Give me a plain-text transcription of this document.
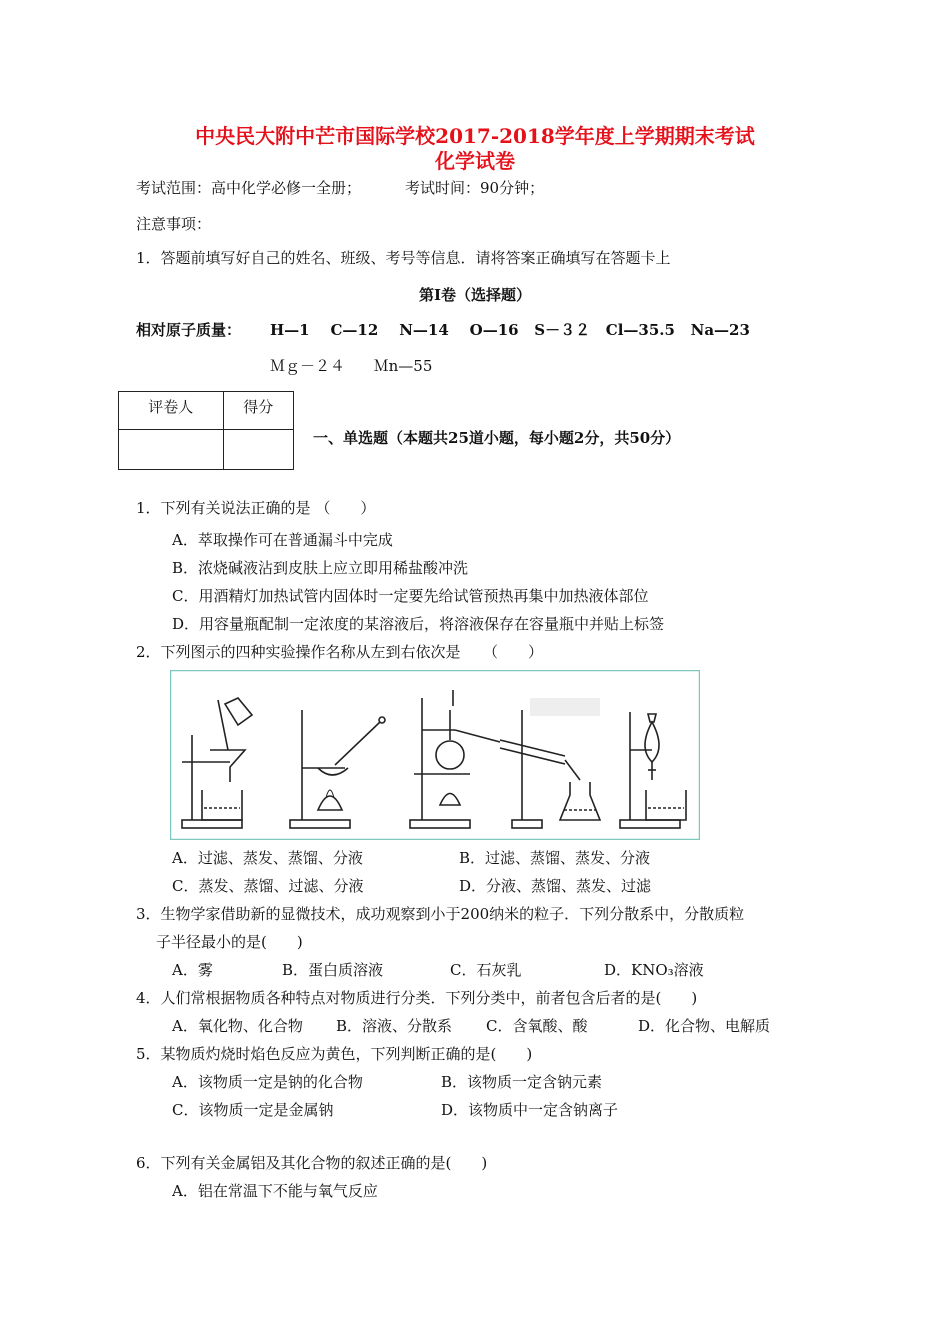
中央民大附中芒市国际学校2017-2018学年度上学期期末考试
化学试卷
考试范围：高中化学必修一全册；	考试时间：90分钟；
注意事项：
1．答题前填写好自己的姓名、班级、考号等信息．请将答案正确填写在答题卡上
第Ⅰ卷（选择题）
相对原子质量： H—1    C—12    N—14    O—16   S－３２   Cl—35.5   Na—23
Ｍｇ－２４      Ｍn—55
评卷人	得分

一、单选题（本题共25道小题，每小题2分，共50分）
1．下列有关说法正确的是 （　　）
A．萃取操作可在普通漏斗中完成
B．浓烧碱液沾到皮肤上应立即用稀盐酸冲洗
C．用酒精灯加热试管内固体时一定要先给试管预热再集中加热液体部位
D．用容量瓶配制一定浓度的某溶液后，将溶液保存在容量瓶中并贴上标签
2．下列图示的四种实验操作名称从左到右依次是　　（　　）
A．过滤、蒸发、蒸馏、分液	B．过滤、蒸馏、蒸发、分液
C．蒸发、蒸馏、过滤、分液	D．分液、蒸馏、蒸发、过滤
3．生物学家借助新的显微技术，成功观察到小于200纳米的粒子．下列分散系中，分散质粒
子半径最小的是(　　)
A．雾	B．蛋白质溶液	C．石灰乳	D．KNO₃溶液
4．人们常根据物质各种特点对物质进行分类．下列分类中，前者包含后者的是(　　)
A．氧化物、化合物 B．溶液、分散系 C．含氧酸、酸	D．化合物、电解质
5．某物质灼烧时焰色反应为黄色，下列判断正确的是(　　)
A．该物质一定是钠的化合物	B．该物质一定含钠元素
C．该物质一定是金属钠	D．该物质中一定含钠离子
6．下列有关金属铝及其化合物的叙述正确的是(　　)
A．铝在常温下不能与氧气反应
